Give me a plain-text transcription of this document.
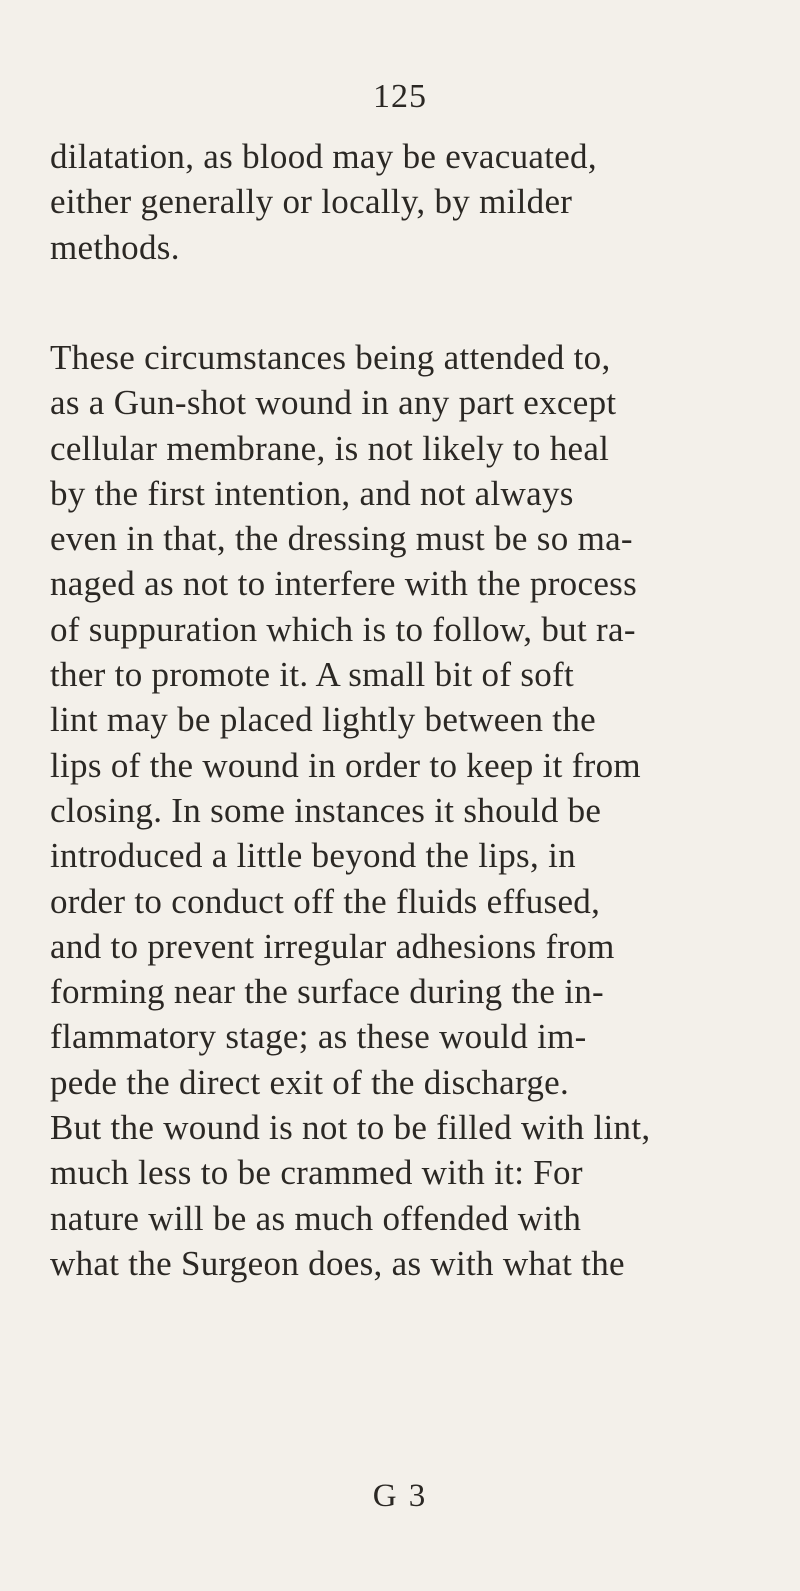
125
dilatation, as blood may be evacuated,
either generally or locally, by milder
methods.
These circumstances being attended to,
as a Gun-shot wound in any part except
cellular membrane, is not likely to heal
by the first intention, and not always
even in that, the dressing must be so ma-
naged as not to interfere with the process
of suppuration which is to follow, but ra-
ther to promote it. A small bit of soft
lint may be placed lightly between the
lips of the wound in order to keep it from
closing. In some instances it should be
introduced a little beyond the lips, in
order to conduct off the fluids effused,
and to prevent irregular adhesions from
forming near the surface during the in-
flammatory stage; as these would im-
pede the direct exit of the discharge.
But the wound is not to be filled with lint,
much less to be crammed with it: For
nature will be as much offended with
what the Surgeon does, as with what the
G 3
